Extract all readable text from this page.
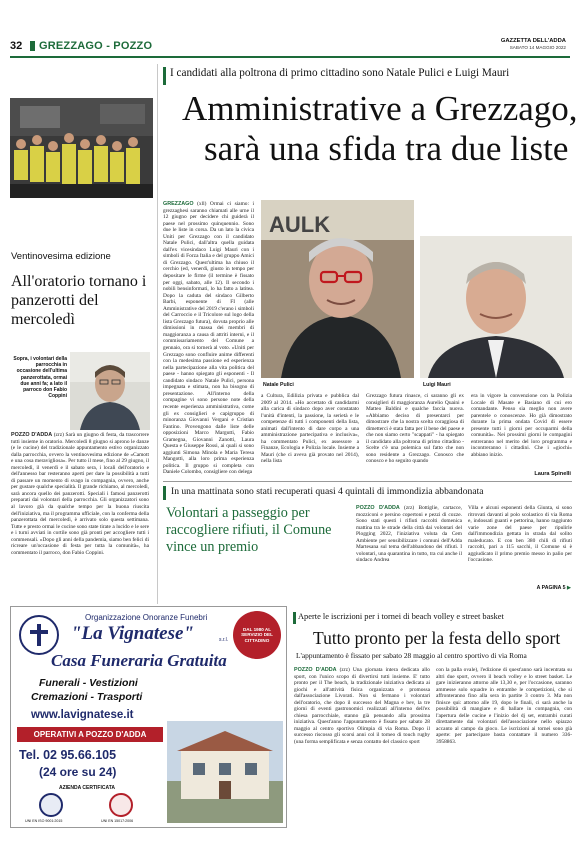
32 GREZZAGO - POZZO	GAZZETTA DELL'ADDA
SABATO 14 MAGGIO 2022
Ventinovesima edizione
All'oratorio tornano i panzerotti del mercoledì
Sopra, i volontari della parrocchia in occasione dell'ultima panzerottata, ormai due anni fa; a lato il parroco don Fabio Coppini
POZZO D'ADDA (zrz) Sarà un giugno di festa, da trascorrere tutti insieme in oratorio. Mercoledì 8 giugno si aprono le danze (e le cucine) del tradizionale appuntamento estivo organizzato dalla parrocchia, ovvero la ventinovesima edizione de «Camott e una cosa meravigliosa». Per tutto il mese, fino al 29 giugno, il mercoledì, il venerdì e il sabato sera, i locali dell'oratorio e dell'annesso bar resteranno aperti per dare la possibilità a tutti di passare un momento di svago in compagnia, ovvero, anche per gustare qualche specialità. Il grande richiamo, al mercoledì, sarà ancora quello dei panzerotti. Speciali i famosi panzerotti preparati dai volontari della parrocchia. Gli organizzatori sono al lavoro già da qualche tempo per la buona riuscita dell'iniziativa, ma il programma ufficiale, con la conferma della panzerottata del mercoledì, è arrivato solo questa settimana. Tutte e presto ormai le cucine sono state tirate a lucido e le sere e i turni avviati in cortile sono già pronti per accogliere tutti i commensali. «Dopo gli anni della pandemia, siamo ben felici di ricreare un'occasione di festa per tutta la comunità», ha commentato il parroco, don Fabio Coppini.
I candidati alla poltrona di primo cittadino sono Natale Pulici e Luigi Mauri
Amministrative a Grezzago,
sarà una sfida tra due liste
GREZZAGO (xll) Ormai ci siamo: i grezzaghesi saranno chiamati alle urne il 12 giugno per decidere chi guiderà il paese nel prossimo quinquennio. Sono due le liste in corsa. Da un lato la civica Uniti per Grezzago con il candidato Natale Pulici, dall'altra quella guidata dall'ex vicesindaco Luigi Mauri con i simboli di Forza Italia e del gruppo Amici di Grezzago. Quest'ultima ha chiuso il cerchio (ed, venerdì, giusto in tempo per depositare le firme (il termine è fissato per oggi, sabato, alle 12). Il secondo i nobili bensinformati, lo ha fatto a latitea. Dopo la caduta del sindaco Gilberto Barbi, esponente di FI (alle Amministrative del 2019 c'erano i simboli del Carroccio e il Tricolore sul logo della lista Grezzago futura), dovuta proprio alle dimissioni in massa dei membri di maggioranza a causa di attriti interni, e il commissariamento del Comune a gennaio, ora si tornerà al voto. «Uniti per Grezzago sono confluire anime differenti con la medesima passione ed esperienza nella partecipazione alla vita politica del paese - hanno spiegato gli esponenti - Il candidato sindaco Natale Pulici, persona impegnata e stimata, non ha bisogno di presentazione. All'interno della compagine vi sono persone note della recente esperienza amministrativa, come gli ex consiglieri e capigruppo di minoranza Giovanni Vergani e Cristian Fantino. Provengono dalle liste delle opposizioni Marco Margutti, Fabio Gramegna, Giovanni Zanotti, Laura Questa e Giuseppe Rossi, ai quali si sono aggiunti Simona Minola e Maria Teresa Mangotti, alla loro prima esperienza politica. Il gruppo si completa con Daniele Colombo, consigliere con delega
AULK
Natale Pulici	Luigi Mauri
a Cultura, Edilizia privata e pubblica dal 2009 al 2014. «Ho accettato di candidarmi alla carica di sindaco dopo aver constatato l'unità d'intenti, la passione, la serietà e le competenze di tutti i componenti della lista, animati dall'intento di dare corpo a una amministrazione partecipativa e inclusiva», ha commentato Pulici, ex assessore a Finanze, Ecologia e Polizia locale. Insieme a Mauri (che ci aveva già provato nel 2014), nella lista
Grezzago futura rinasce, ci saranno gli ex consiglieri di maggioranza Aurelio Quaini e Matteo Baldini e qualche faccia nuova. «Abbiamo deciso di presentarci per dimostrare che la nostra scelta coraggiosa di dimetterci è stata fatta per il bene del paese e che non siamo certo "scappati" - ha spiegato il candidato alla poltrona di primo cittadino - Scelte c'è una polemica sul fatto che non sono residente a Grezzago. Conosco che conosco e ho seguito quando
era in vigore la convenzione con la Polizia Locale di Masate e Basiano di cui ero comandante. Penso sia meglio non avere parentele o conoscenze. Ho già dimostrato durante la prima ondata Covid di essere presente tutti i giorni per occuparmi della comunità». Nei prossimi giorni le compagini entreranno nel merito del loro programma e incontreranno i cittadini. Che i «giochi» abbiano inizio.
Laura Spinelli
In una mattinata sono stati recuperati quasi 4 quintali di immondizia abbandonata
Volontari a passeggio per raccogliere rifiuti, il Comune vince un premio
POZZO D'ADDA (zrz) Bottiglie, cartacce, mozziconi e persino copertoni e pezzi di cozze. Sono stati questi i rifiuti raccolti domenica mattina tra le strade della città dai volontari del Plogging 2022, l'iniziativa voluta da Cem Ambiente per sensibilizzare i comuni dell'Adda Martesana sul tema dell'abbandono dei rifiuti. I volontari, una quarantina in tutto, tra cui anche il sindaco Andrea
Villa e alcuni esponenti della Giunta, si sono ritrovati davanti al polo scolastico di via Roma e, indossati guanti e pettorina, hanno raggiunto varie zone del paese per ripulirle dall'immondizia gettata in strada dal solito maleducato. E con ben 380 chili di rifiuti raccolti, pari a 115 sacchi, il Comune si è aggiudicato il primo premio messo in palio per l'occasione.
A PAGINA 5 ▶
Organizzazione Onoranze Funebri
"La Vignatese"	s.r.l.
DAL 1980 AL SERVIZIO DEL CITTADINO
Casa Funeraria Gratuita
Funerali - Vestizioni
Cremazioni - Trasporti
www.lavignatese.it
OPERATIVI A POZZO D'ADDA
Tel. 02 95.66.105
(24 ore su 24)
AZIENDA CERTIFICATA
UNI EN ISO 9001:2015	UNI EN 15017:2006
Aperte le iscrizioni per i tornei di beach volley e street basket
Tutto pronto per la festa dello sport
L'appuntamento è fissato per sabato 28 maggio al centro sportivo di via Roma
POZZO D'ADDA (zrz) Una giornata intera dedicata allo sport, con l'unico scopo di divertirsi tutti insieme. E' tutto pronto per il The beach, la tradizionale iniziativa dedicata ai giochi e all'attività fisica organizzata e promossa dall'associazione Livorati. Non si fermano i volontari dell'oratorio, che dopo il successo del Magna e bev, la tre giorni di eventi gastronomici realizzati all'interno dell'ex chiesa parrocchiale, stanno già pensando alla prossima iniziativa. Quest'anno l'appuntamento è fissato per sabato 28 maggio al centro sportivo Olimpia di via Roma. Dopo il successo riscosso gli scorsi anni col il torneo di touch rugby (una forma semplificata e senza contatto del classico sport
con la palla ovale), l'edizione di quest'anno sarà incentrata su altri due sport, ovvero il beach volley e lo street basket. Le gare inizieranno attorno alle 13,30 e, per l'occasione, saranno ammesse solo squadre in entrambe le competizioni, che si affronteranno fino alla sera in partite 3 contro 3. Ma non finisce qui: attorno alle 19, dopo le finali, ci sarà anche la possibilità di mangiare e di ballare in compagnia, con l'apertura delle cucine e l'inizio del dj set, entrambi curati direttamente dai volontari dell'associazione nello spiazzo accanto al campo da gioco. Le iscrizioni ai tornei sono già aperte: per partecipare basta contattare il numero 336-3958863.
